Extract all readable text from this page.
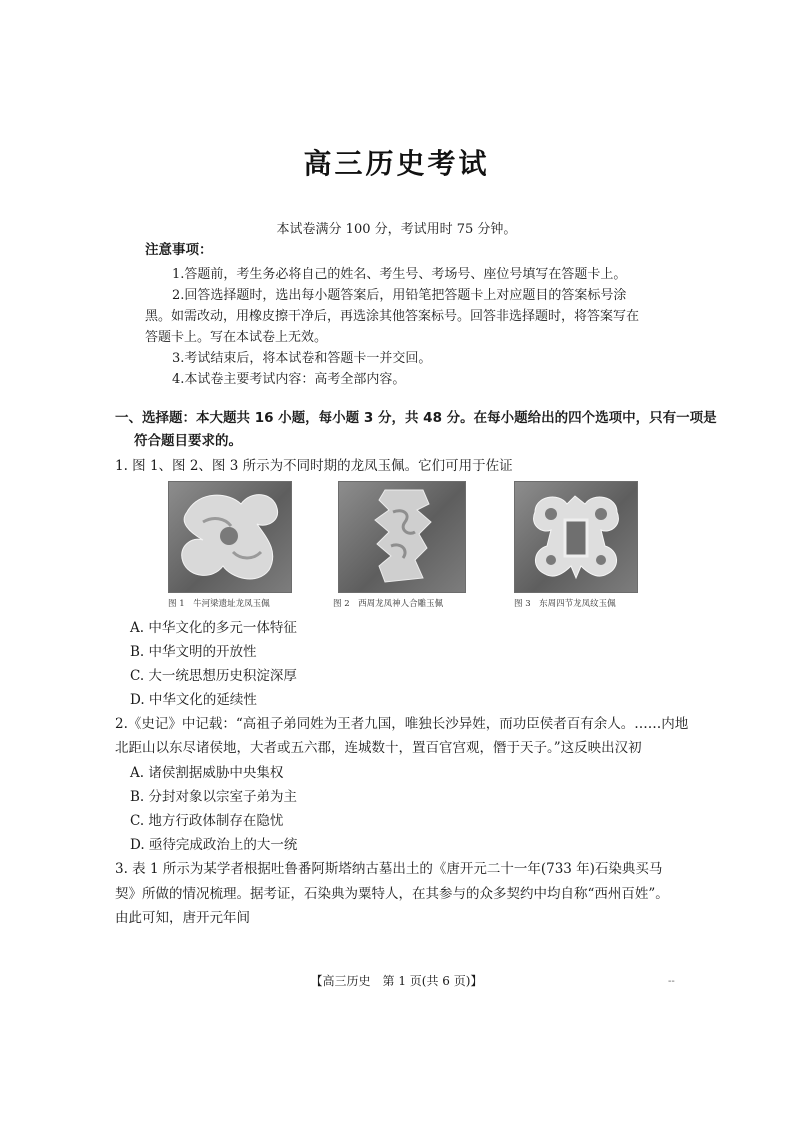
高三历史考试
本试卷满分 100 分，考试用时 75 分钟。
注意事项：
1.答题前，考生务必将自己的姓名、考生号、考场号、座位号填写在答题卡上。
2.回答选择题时，选出每小题答案后，用铅笔把答题卡上对应题目的答案标号涂
黑。如需改动，用橡皮擦干净后，再选涂其他答案标号。回答非选择题时，将答案写在
答题卡上。写在本试卷上无效。
3.考试结束后，将本试卷和答题卡一并交回。
4.本试卷主要考试内容：高考全部内容。
一、选择题：本大题共 16 小题，每小题 3 分，共 48 分。在每小题给出的四个选项中，只有一项是
符合题目要求的。
1. 图 1、图 2、图 3 所示为不同时期的龙凤玉佩。它们可用于佐证
图 1　牛河梁遗址龙凤玉佩	图 2　西周龙凤神人合雕玉佩	图 3　东周四节龙凤纹玉佩
A. 中华文化的多元一体特征
B. 中华文明的开放性
C. 大一统思想历史积淀深厚
D. 中华文化的延续性
2.《史记》中记载：“高祖子弟同姓为王者九国，唯独长沙异姓，而功臣侯者百有余人。……内地
北距山以东尽诸侯地，大者或五六郡，连城数十，置百官宫观，僭于天子。”这反映出汉初
A. 诸侯割据威胁中央集权
B. 分封对象以宗室子弟为主
C. 地方行政体制存在隐忧
D. 亟待完成政治上的大一统
3. 表 1 所示为某学者根据吐鲁番阿斯塔纳古墓出土的《唐开元二十一年(733 年)石染典买马
契》所做的情况梳理。据考证，石染典为粟特人，在其参与的众多契约中均自称“西州百姓”。
由此可知，唐开元年间
【高三历史　第 1 页(共 6 页)】	--
